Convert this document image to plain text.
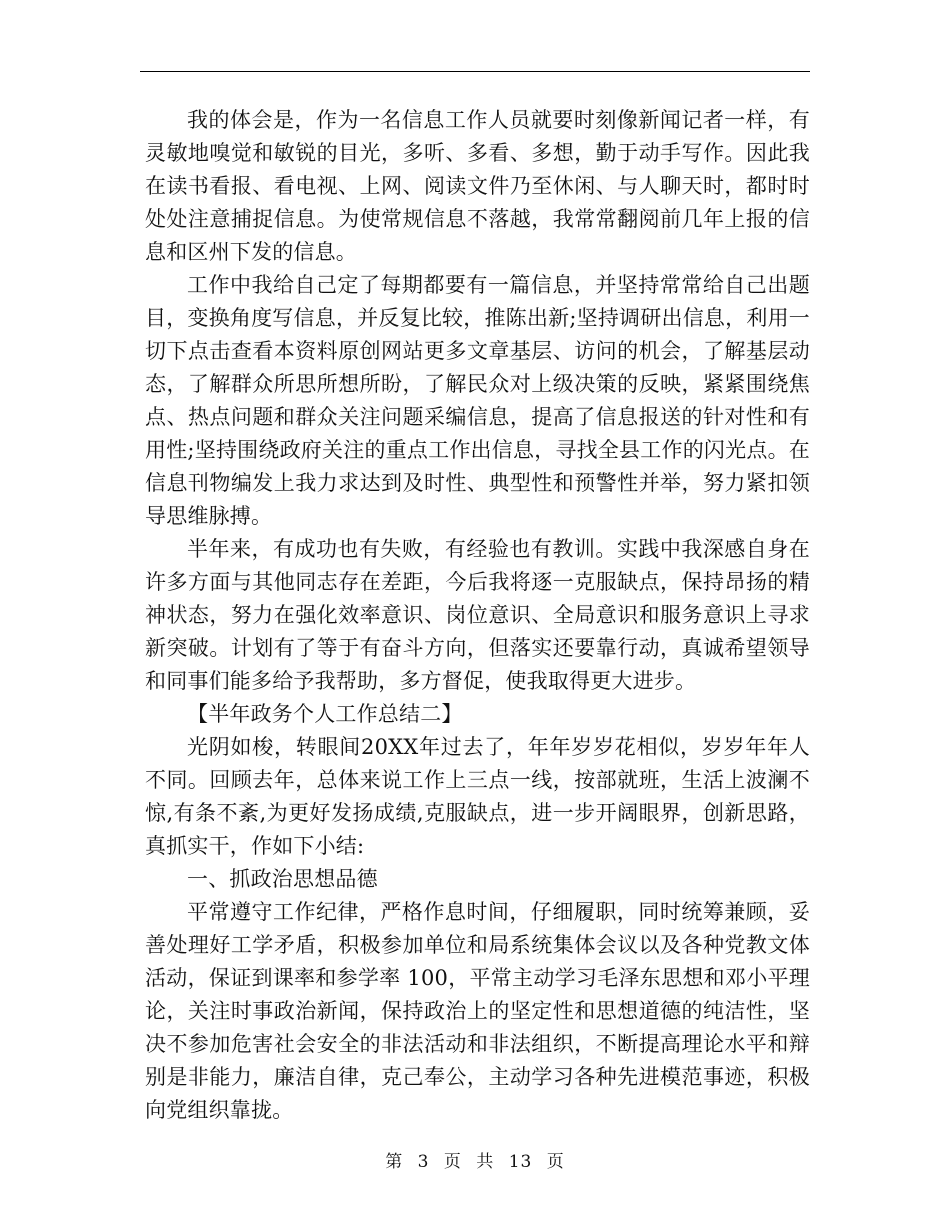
我的体会是，作为一名信息工作人员就要时刻像新闻记者一样，有灵敏地嗅觉和敏锐的目光，多听、多看、多想，勤于动手写作。因此我在读书看报、看电视、上网、阅读文件乃至休闲、与人聊天时，都时时处处注意捕捉信息。为使常规信息不落越，我常常翻阅前几年上报的信息和区州下发的信息。

工作中我给自己定了每期都要有一篇信息，并坚持常常给自己出题目，变换角度写信息，并反复比较，推陈出新;坚持调研出信息，利用一切下点击查看本资料原创网站更多文章基层、访问的机会，了解基层动态，了解群众所思所想所盼，了解民众对上级决策的反映，紧紧围绕焦点、热点问题和群众关注问题采编信息，提高了信息报送的针对性和有用性;坚持围绕政府关注的重点工作出信息，寻找全县工作的闪光点。在信息刊物编发上我力求达到及时性、典型性和预警性并举，努力紧扣领导思维脉搏。

半年来，有成功也有失败，有经验也有教训。实践中我深感自身在许多方面与其他同志存在差距，今后我将逐一克服缺点，保持昂扬的精神状态，努力在强化效率意识、岗位意识、全局意识和服务意识上寻求新突破。计划有了等于有奋斗方向，但落实还要靠行动，真诚希望领导和同事们能多给予我帮助，多方督促，使我取得更大进步。

【半年政务个人工作总结二】

光阴如梭，转眼间20XX年过去了，年年岁岁花相似，岁岁年年人不同。回顾去年，总体来说工作上三点一线，按部就班，生活上波澜不惊,有条不紊,为更好发扬成绩,克服缺点，进一步开阔眼界，创新思路，真抓实干，作如下小结:

一、抓政治思想品德

平常遵守工作纪律，严格作息时间，仔细履职，同时统筹兼顾，妥善处理好工学矛盾，积极参加单位和局系统集体会议以及各种党教文体活动，保证到课率和参学率 100，平常主动学习毛泽东思想和邓小平理论，关注时事政治新闻，保持政治上的坚定性和思想道德的纯洁性，坚决不参加危害社会安全的非法活动和非法组织，不断提高理论水平和辩别是非能力，廉洁自律，克己奉公，主动学习各种先进模范事迹，积极向党组织靠拢。

第 3 页 共 13 页
